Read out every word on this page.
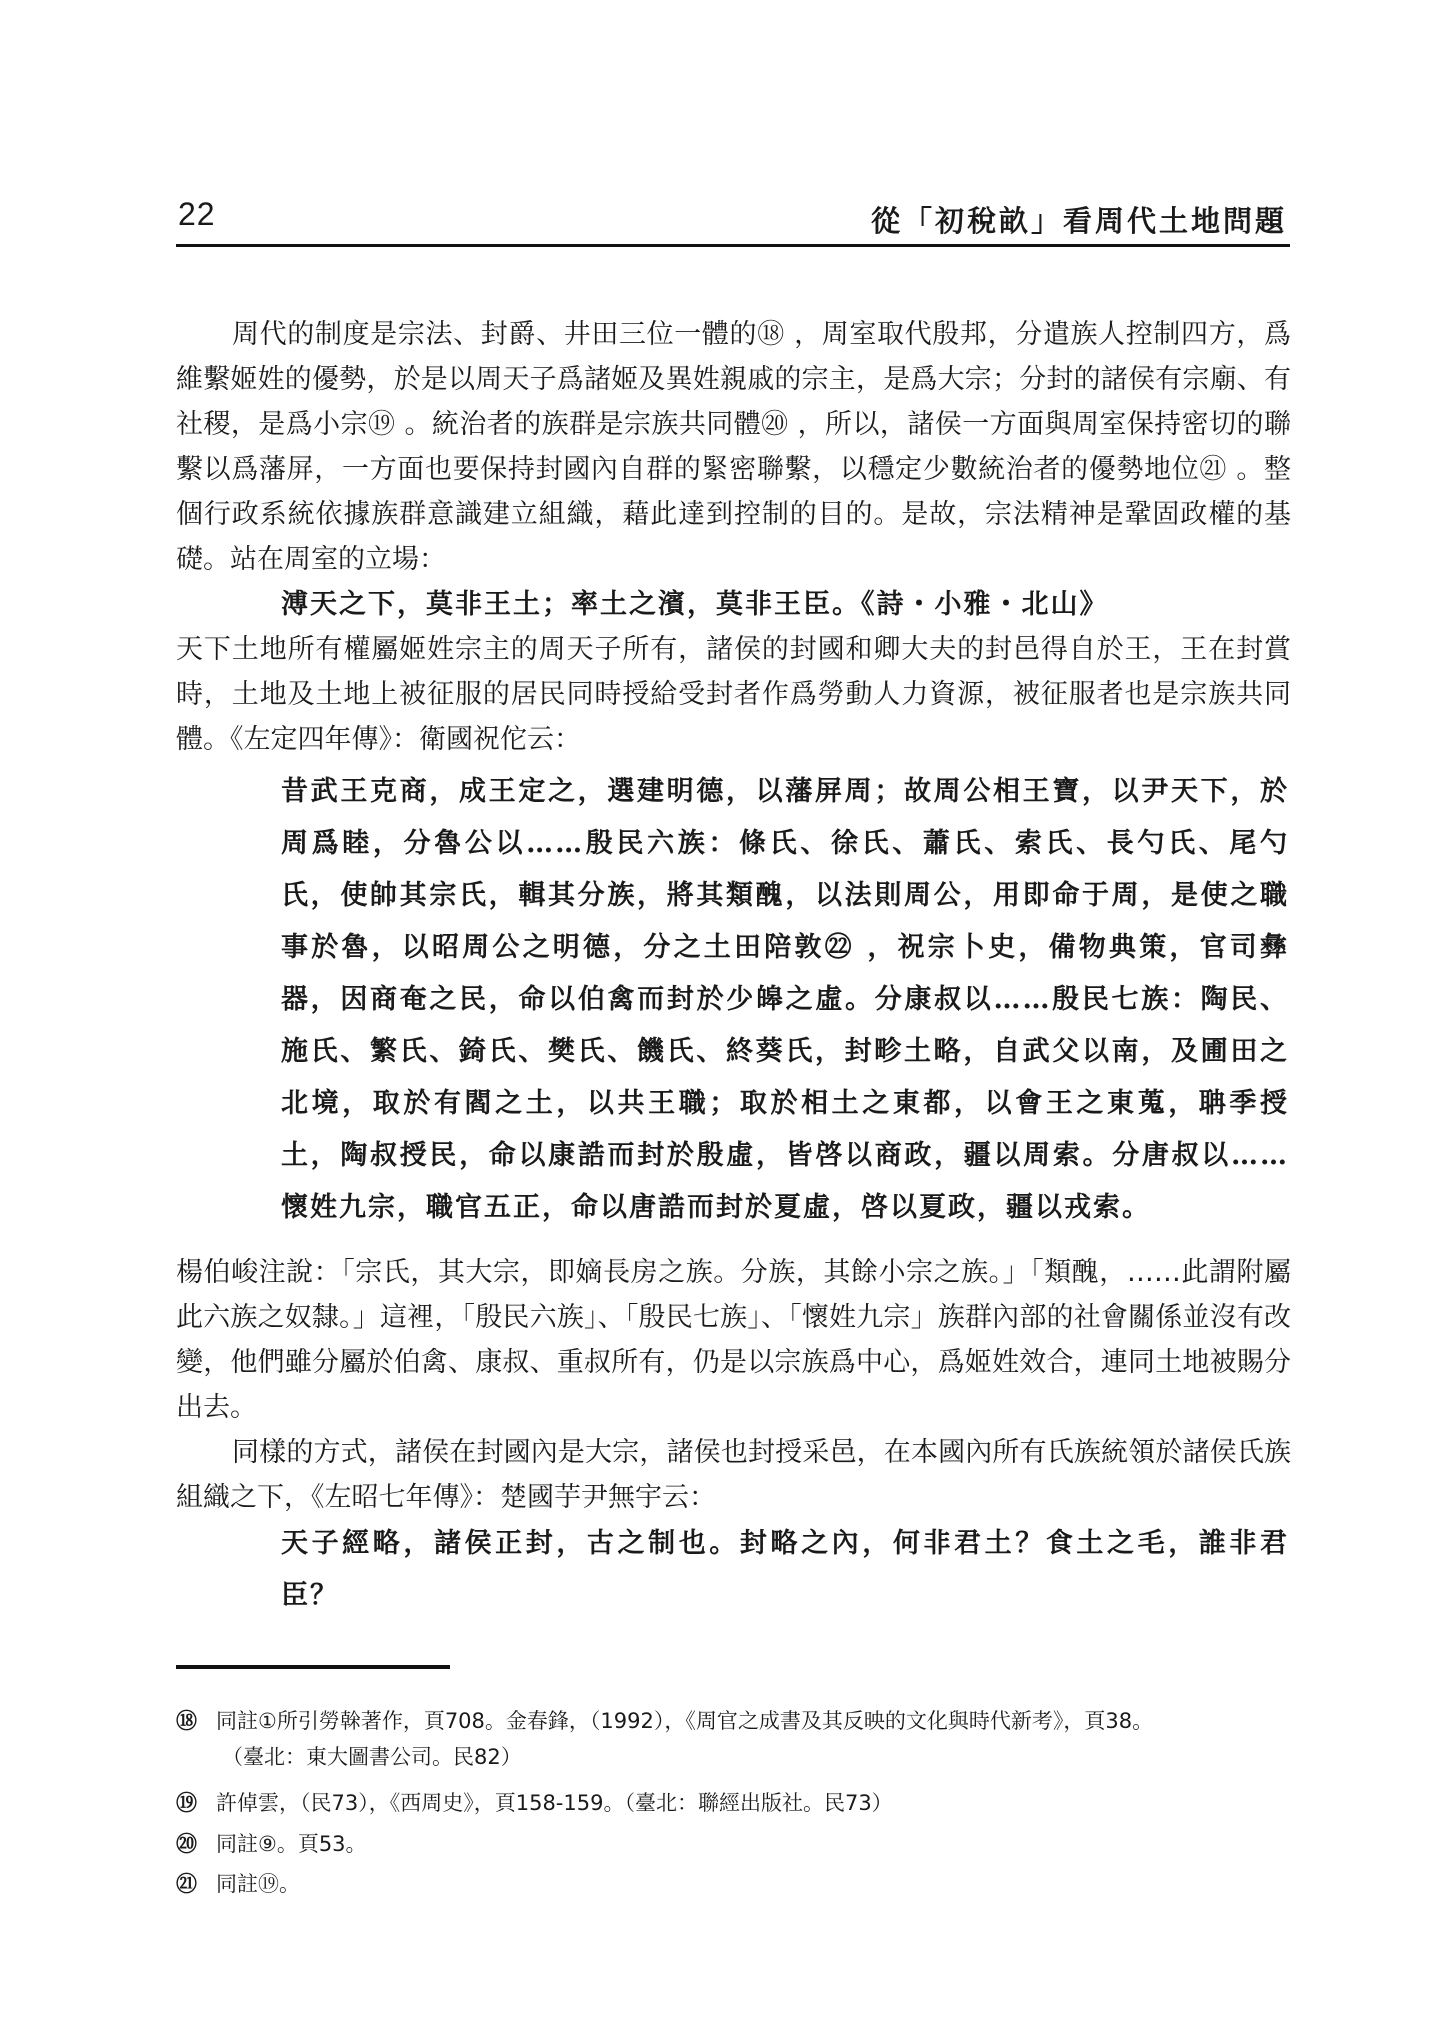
22	從「初稅畝」看周代土地問題
周代的制度是宗法、封爵、井田三位一體的⑱ ，周室取代殷邦，分遣族人控制四方，爲維繫姬姓的優勢，於是以周天子爲諸姬及異姓親戚的宗主，是爲大宗；分封的諸侯有宗廟、有社稷，是爲小宗⑲ 。統治者的族群是宗族共同體⑳ ，所以，諸侯一方面與周室保持密切的聯繫以爲藩屏，一方面也要保持封國內自群的緊密聯繫，以穩定少數統治者的優勢地位㉑ 。整個行政系統依據族群意識建立組織，藉此達到控制的目的。是故，宗法精神是鞏固政權的基礎。站在周室的立場：
溥天之下，莫非王土；率土之濱，莫非王臣。《詩・小雅・北山》
天下土地所有權屬姬姓宗主的周天子所有，諸侯的封國和卿大夫的封邑得自於王，王在封賞時，土地及土地上被征服的居民同時授給受封者作爲勞動人力資源，被征服者也是宗族共同體。《左定四年傳》：衛國祝佗云：
昔武王克商，成王定之，選建明德，以藩屏周；故周公相王寶，以尹天下，於周爲睦，分魯公以……殷民六族：條氏、徐氏、蕭氏、索氏、長勺氏、尾勺氏，使帥其宗氏，輯其分族，將其類醜，以法則周公，用即命于周，是使之職事於魯，以昭周公之明德，分之土田陪敦㉒ ，祝宗卜史，備物典策，官司彝器，因商奄之民，命以伯禽而封於少皞之虛。分康叔以……殷民七族：陶民、施氏、繁氏、錡氏、樊氏、饑氏、終葵氏，封畛土略，自武父以南，及圃田之北境，取於有閻之土，以共王職；取於相土之東都，以會王之東蒐，聃季授土，陶叔授民，命以康誥而封於殷虛，皆啓以商政，疆以周索。分唐叔以……懷姓九宗，職官五正，命以唐誥而封於夏虛，啓以夏政，疆以戎索。
楊伯峻注說：「宗氏，其大宗，即嫡長房之族。分族，其餘小宗之族。」「類醜，……此謂附屬此六族之奴隸。」這裡，「殷民六族」、「殷民七族」、「懷姓九宗」族群內部的社會關係並沒有改變，他們雖分屬於伯禽、康叔、重叔所有，仍是以宗族爲中心，爲姬姓效合，連同土地被賜分出去。
同樣的方式，諸侯在封國內是大宗，諸侯也封授采邑，在本國內所有氏族統領於諸侯氏族組織之下，《左昭七年傳》：楚國芋尹無宇云：
天子經略，諸侯正封，古之制也。封略之內，何非君土？食土之毛，誰非君臣？
⑱ 同註①所引勞榦著作，頁708。金春鋒，（1992），《周官之成書及其反映的文化與時代新考》，頁38。
（臺北：東大圖書公司。民82）
⑲ 許倬雲，（民73），《西周史》，頁158-159。（臺北：聯經出版社。民73）
⑳ 同註⑨。頁53。
㉑ 同註⑲。
